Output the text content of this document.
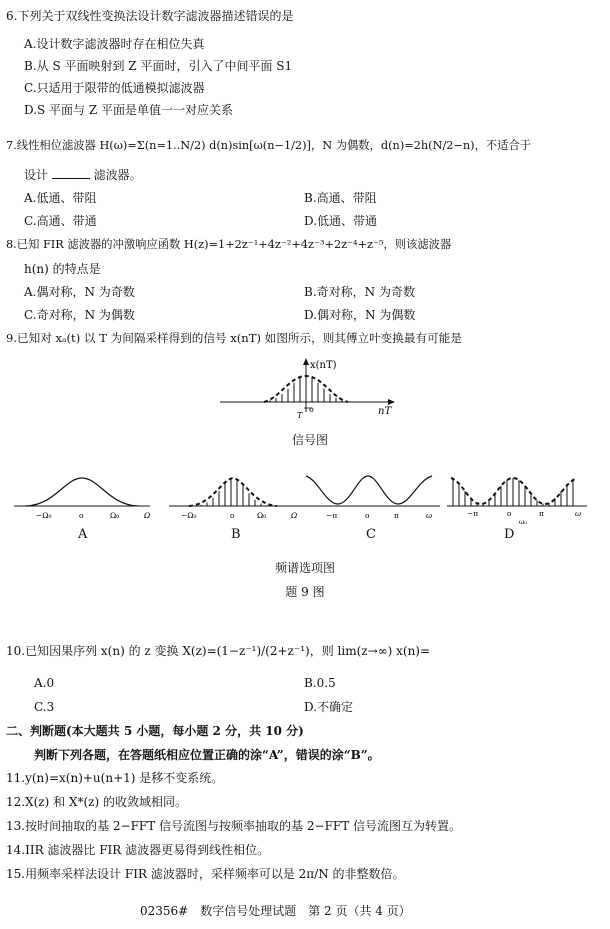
6.下列关于双线性变换法设计数字滤波器描述错误的是
A.设计数字滤波器时存在相位失真
B.从 S 平面映射到 Z 平面时，引入了中间平面 S1
C.只适用于限带的低通模拟滤波器
D.S 平面与 Z 平面是单值一一对应关系
7.线性相位滤波器 H(ω)=Σ(n=1..N/2) d(n)sin[ω(n−1/2)]，N 为偶数，d(n)=2h(N/2−n)，不适合于
设计	滤波器。
A.低通、带阻	B.高通、带阻
C.高通、带通	D.低通、带通
8.已知 FIR 滤波器的冲激响应函数 H(z)=1+2z⁻¹+4z⁻²+4z⁻³+2z⁻⁴+z⁻⁵，则该滤波器
h(n) 的特点是
A.偶对称，N 为奇数	B.奇对称，N 为奇数
C.奇对称，N 为偶数	D.偶对称，N 为偶数
9.已知对 xₐ(t) 以 T 为间隔采样得到的信号 x(nT) 如图所示，则其傅立叶变换最有可能是
x(nT)
nT
o
T
信号图
−Ω₀	o	Ω₀	Ω	−Ω₀	o	Ω₀	Ω	−π	o	π	ω	−π	o	π	ω
ω₀
A	B	C	D
频谱选项图
题 9 图
10.已知因果序列 x(n) 的 z 变换 X(z)=(1−z⁻¹)/(2+z⁻¹)，则 lim(z→∞) x(n)=
A.0	B.0.5
C.3	D.不确定
二、判断题(本大题共 5 小题，每小题 2 分，共 10 分)
判断下列各题，在答题纸相应位置正确的涂“A”，错误的涂“B”。
11.y(n)=x(n)+u(n+1) 是移不变系统。
12.X(z) 和 X*(z) 的收敛域相同。
13.按时间抽取的基 2−FFT 信号流图与按频率抽取的基 2−FFT 信号流图互为转置。
14.IIR 滤波器比 FIR 滤波器更易得到线性相位。
15.用频率采样法设计 FIR 滤波器时，采样频率可以是 2π/N 的非整数倍。
02356#　数字信号处理试题　第 2 页（共 4 页）
